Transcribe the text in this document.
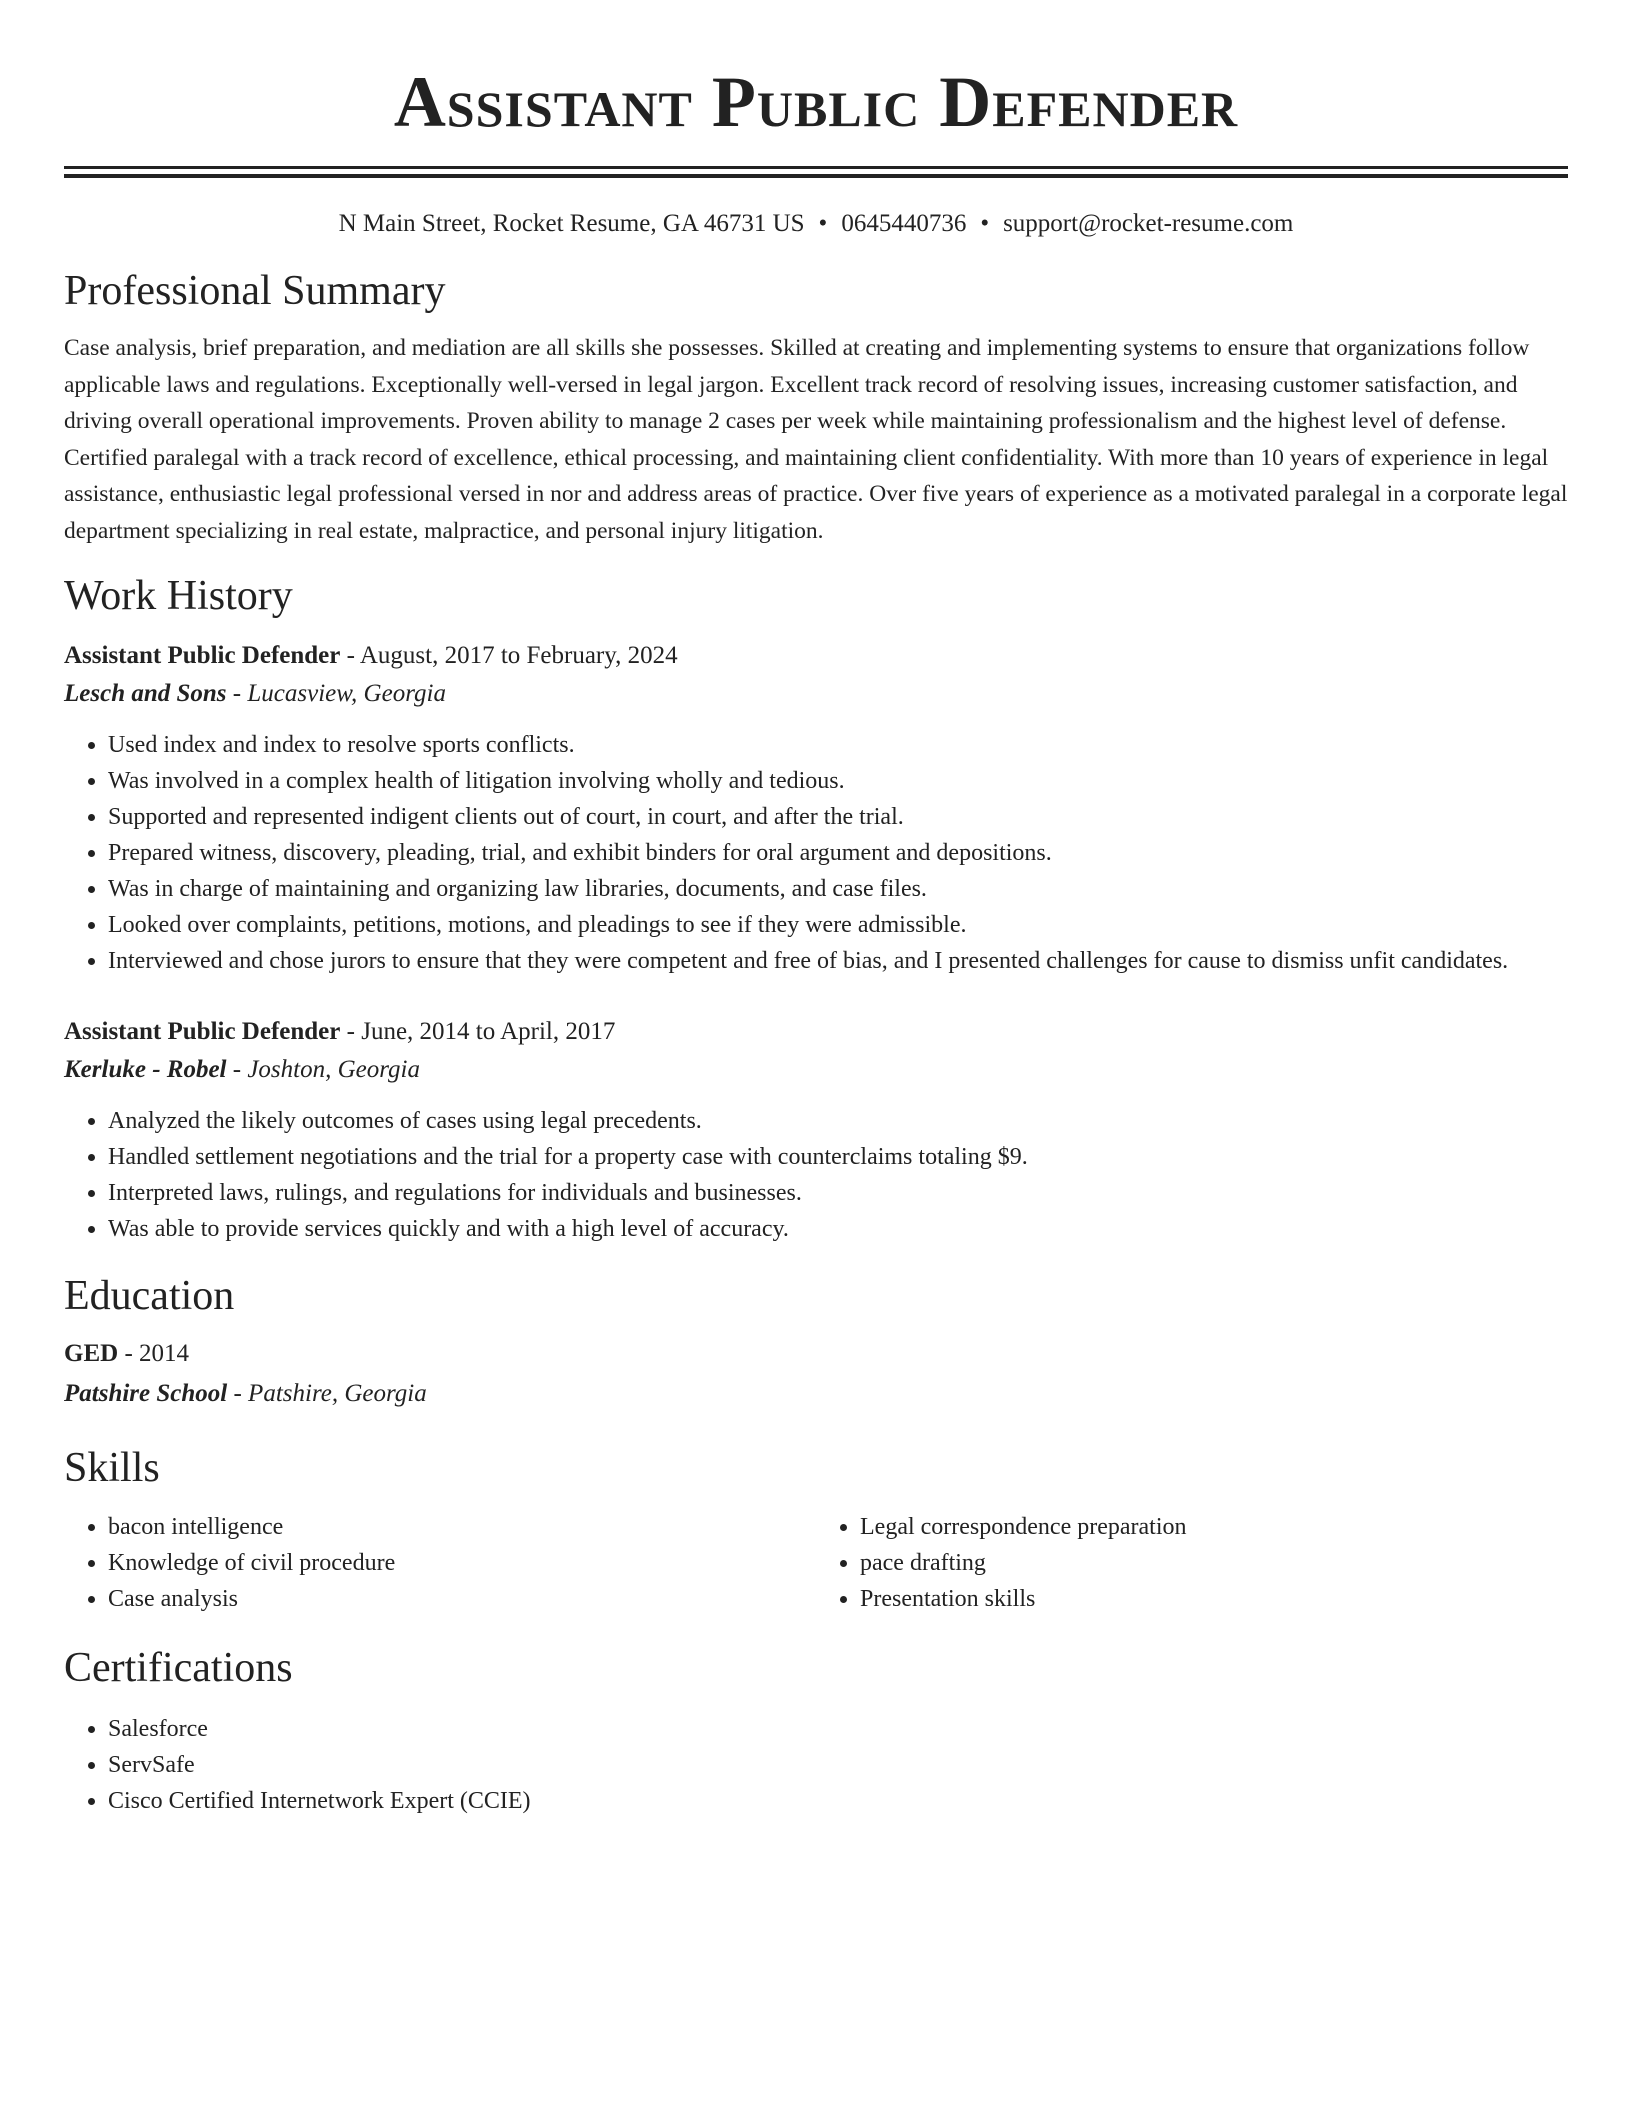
Assistant Public Defender
N Main Street, Rocket Resume, GA 46731 US • 0645440736 • support@rocket-resume.com
Professional Summary
Case analysis, brief preparation, and mediation are all skills she possesses. Skilled at creating and implementing systems to ensure that organizations follow applicable laws and regulations. Exceptionally well-versed in legal jargon. Excellent track record of resolving issues, increasing customer satisfaction, and driving overall operational improvements. Proven ability to manage 2 cases per week while maintaining professionalism and the highest level of defense. Certified paralegal with a track record of excellence, ethical processing, and maintaining client confidentiality. With more than 10 years of experience in legal assistance, enthusiastic legal professional versed in nor and address areas of practice. Over five years of experience as a motivated paralegal in a corporate legal department specializing in real estate, malpractice, and personal injury litigation.
Work History
Assistant Public Defender - August, 2017 to February, 2024
Lesch and Sons - Lucasview, Georgia
• Used index and index to resolve sports conflicts.
• Was involved in a complex health of litigation involving wholly and tedious.
• Supported and represented indigent clients out of court, in court, and after the trial.
• Prepared witness, discovery, pleading, trial, and exhibit binders for oral argument and depositions.
• Was in charge of maintaining and organizing law libraries, documents, and case files.
• Looked over complaints, petitions, motions, and pleadings to see if they were admissible.
• Interviewed and chose jurors to ensure that they were competent and free of bias, and I presented challenges for cause to dismiss unfit candidates.
Assistant Public Defender - June, 2014 to April, 2017
Kerluke - Robel - Joshton, Georgia
• Analyzed the likely outcomes of cases using legal precedents.
• Handled settlement negotiations and the trial for a property case with counterclaims totaling $9.
• Interpreted laws, rulings, and regulations for individuals and businesses.
• Was able to provide services quickly and with a high level of accuracy.
Education
GED - 2014
Patshire School - Patshire, Georgia
Skills
• bacon intelligence
• Knowledge of civil procedure
• Case analysis
• Legal correspondence preparation
• pace drafting
• Presentation skills
Certifications
• Salesforce
• ServSafe
• Cisco Certified Internetwork Expert (CCIE)
